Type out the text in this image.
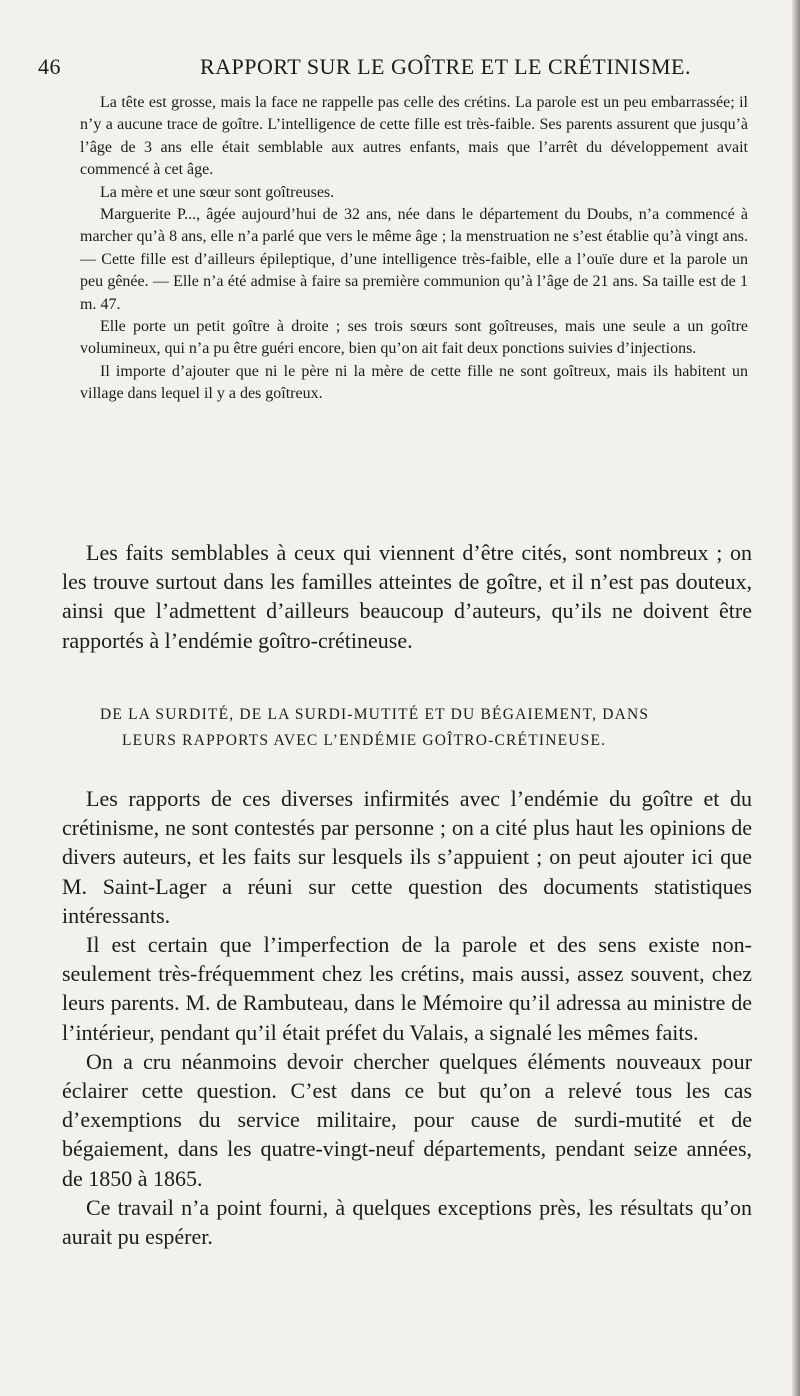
46	RAPPORT SUR LE GOÎTRE ET LE CRÉTINISME.

La tête est grosse, mais la face ne rappelle pas celle des crétins. La parole est un peu embarrassée; il n’y a aucune trace de goître. L’intelligence de cette fille est très-faible. Ses parents assurent que jusqu’à l’âge de 3 ans elle était semblable aux autres enfants, mais que l’arrêt du développement avait commencé à cet âge.

La mère et une sœur sont goîtreuses.

Marguerite P..., âgée aujourd’hui de 32 ans, née dans le département du Doubs, n’a commencé à marcher qu’à 8 ans, elle n’a parlé que vers le même âge ; la menstruation ne s’est établie qu’à vingt ans. — Cette fille est d’ailleurs épileptique, d’une intelligence très-faible, elle a l’ouïe dure et la parole un peu gênée. — Elle n’a été admise à faire sa première communion qu’à l’âge de 21 ans. Sa taille est de 1 m. 47.

Elle porte un petit goître à droite ; ses trois sœurs sont goîtreuses, mais une seule a un goître volumineux, qui n’a pu être guéri encore, bien qu’on ait fait deux ponctions suivies d’injections.

Il importe d’ajouter que ni le père ni la mère de cette fille ne sont goîtreux, mais ils habitent un village dans lequel il y a des goîtreux.

Les faits semblables à ceux qui viennent d’être cités, sont nombreux ; on les trouve surtout dans les familles atteintes de goître, et il n’est pas douteux, ainsi que l’admettent d’ailleurs beaucoup d’auteurs, qu’ils ne doivent être rapportés à l’endémie goîtro-crétineuse.

DE LA SURDITÉ, DE LA SURDI-MUTITÉ ET DU BÉGAIEMENT, DANS
LEURS RAPPORTS AVEC L’ENDÉMIE GOÎTRO-CRÉTINEUSE.

Les rapports de ces diverses infirmités avec l’endémie du goître et du crétinisme, ne sont contestés par personne ; on a cité plus haut les opinions de divers auteurs, et les faits sur lesquels ils s’appuient ; on peut ajouter ici que M. Saint-Lager a réuni sur cette question des documents statistiques intéressants.

Il est certain que l’imperfection de la parole et des sens existe non-seulement très-fréquemment chez les crétins, mais aussi, assez souvent, chez leurs parents. M. de Rambuteau, dans le Mémoire qu’il adressa au ministre de l’intérieur, pendant qu’il était préfet du Valais, a signalé les mêmes faits.

On a cru néanmoins devoir chercher quelques éléments nouveaux pour éclairer cette question. C’est dans ce but qu’on a relevé tous les cas d’exemptions du service militaire, pour cause de surdi-mutité et de bégaiement, dans les quatre-vingt-neuf départements, pendant seize années, de 1850 à 1865.

Ce travail n’a point fourni, à quelques exceptions près, les résultats qu’on aurait pu espérer.
